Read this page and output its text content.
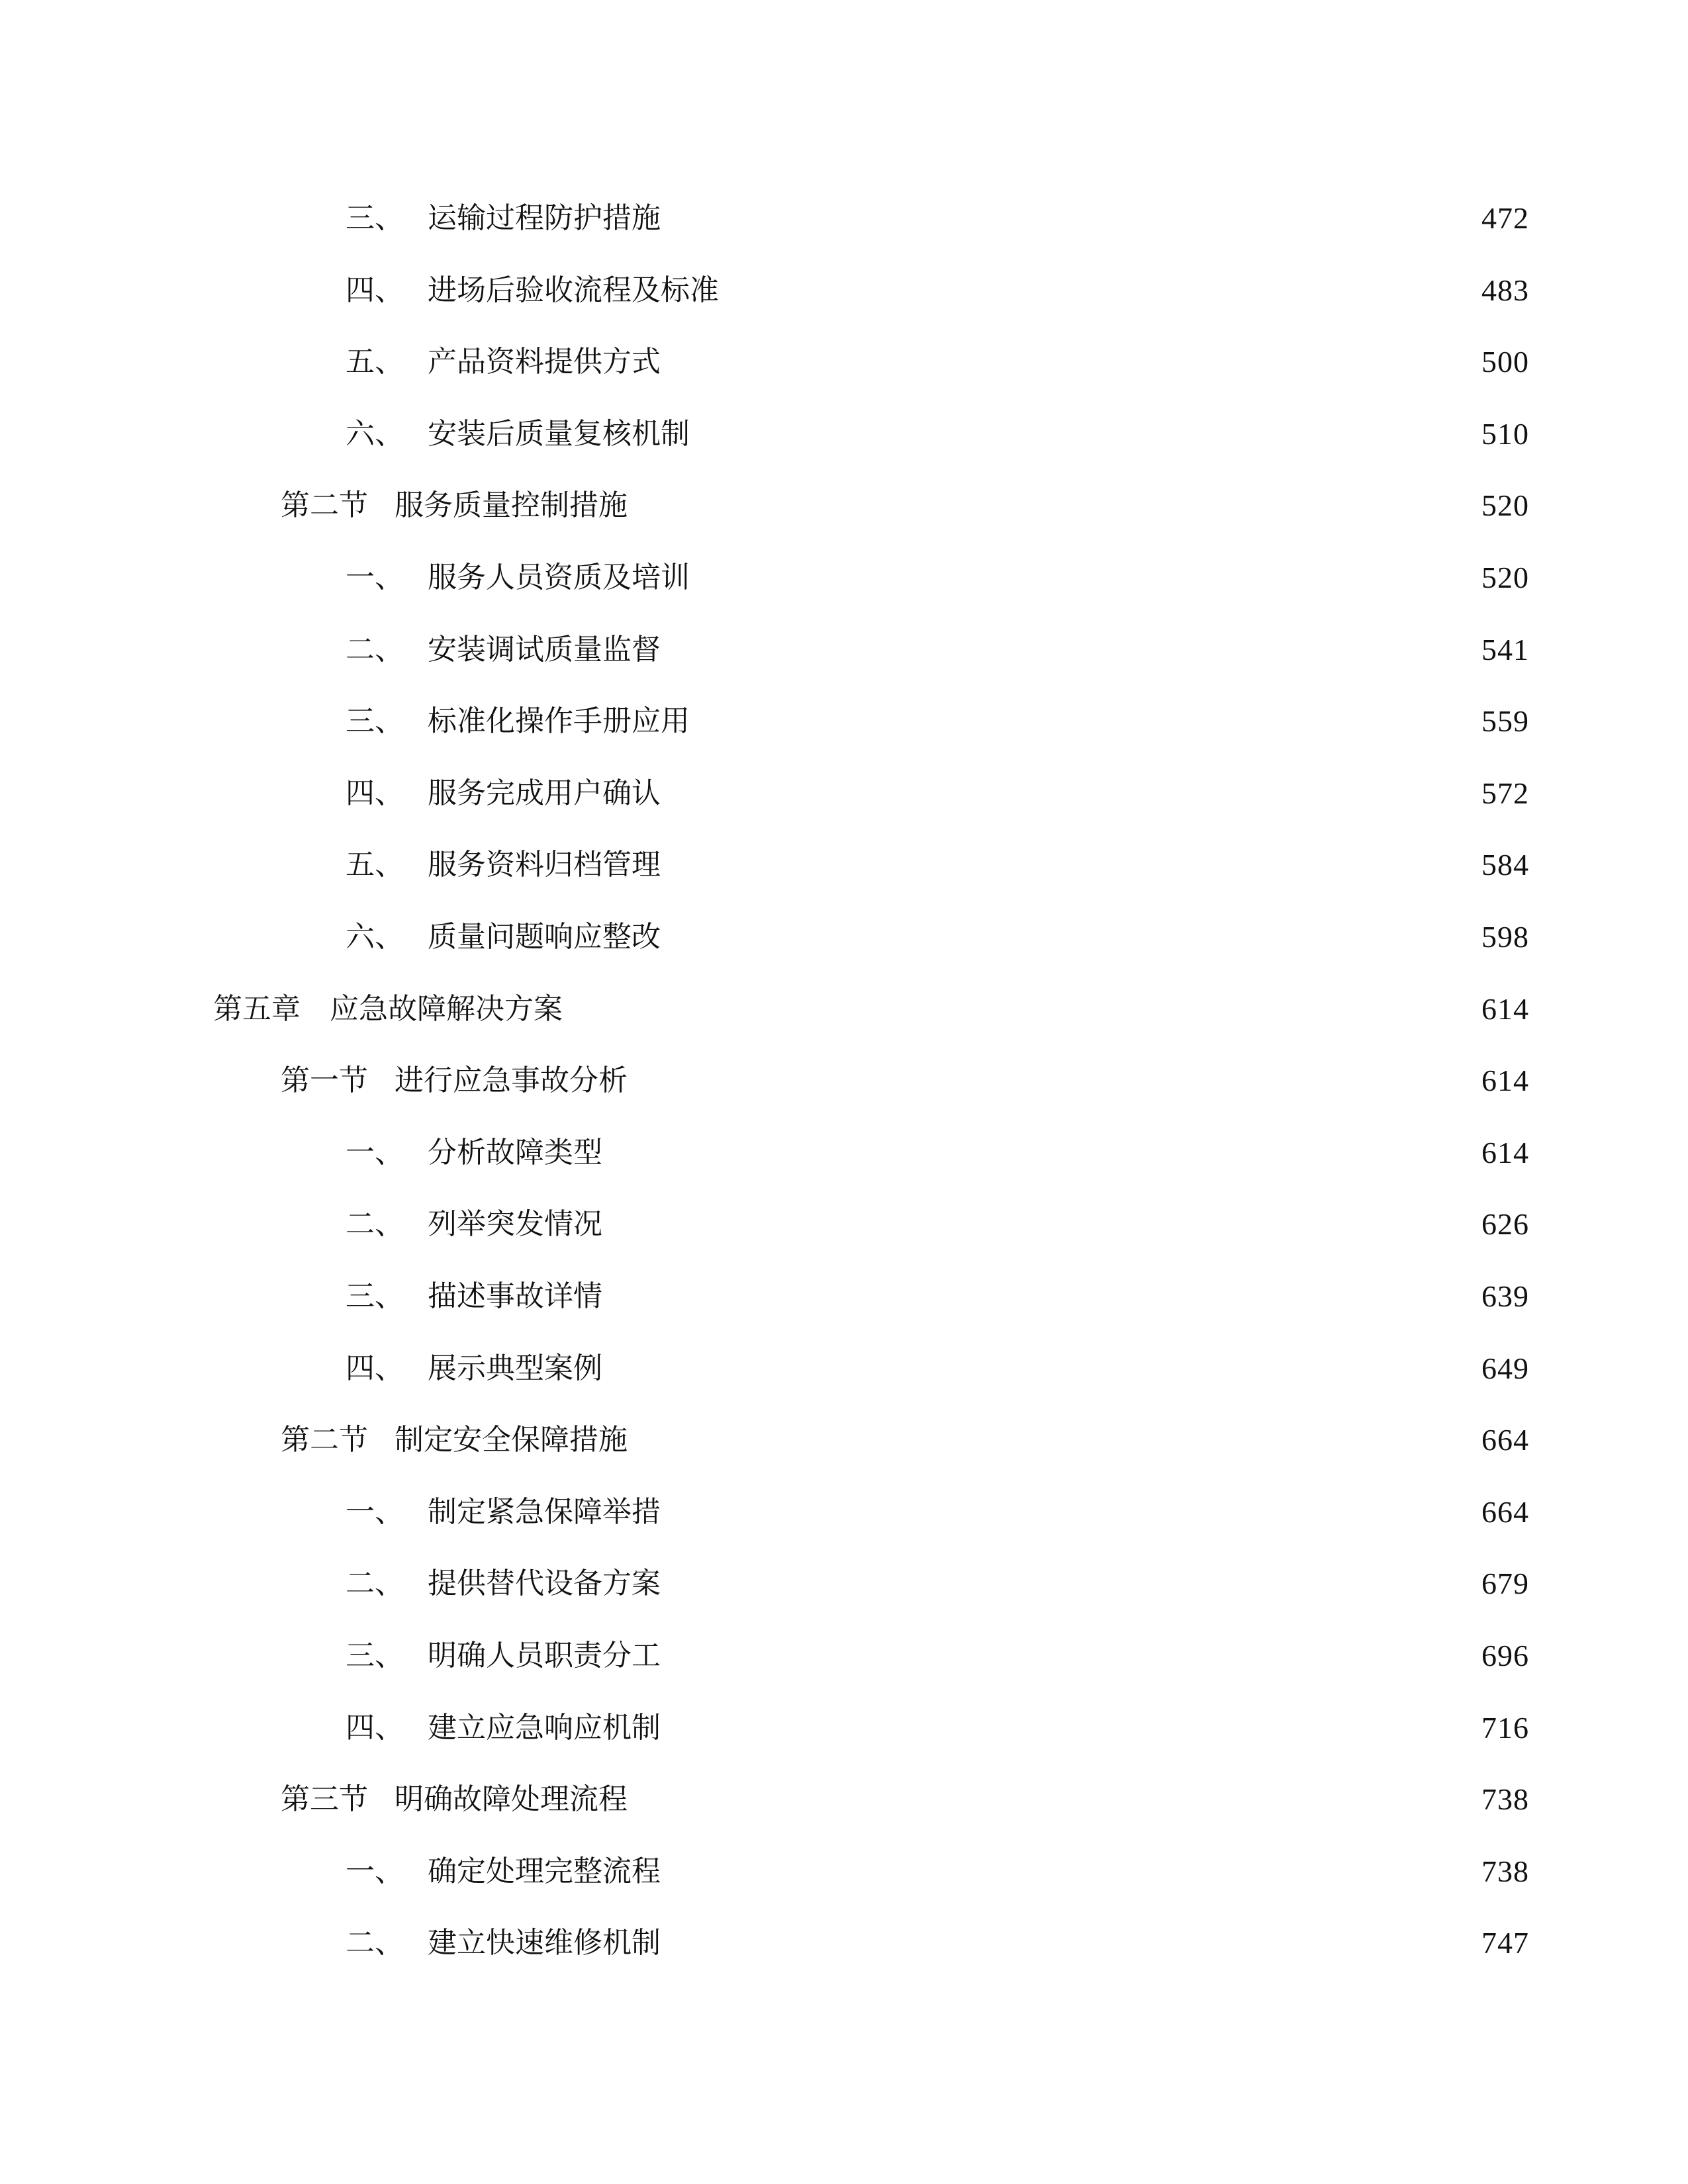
三、 运输过程防护措施	472
四、 进场后验收流程及标准	483
五、 产品资料提供方式	500
六、 安装后质量复核机制	510
第二节 服务质量控制措施	520
一、 服务人员资质及培训	520
二、 安装调试质量监督	541
三、 标准化操作手册应用	559
四、 服务完成用户确认	572
五、 服务资料归档管理	584
六、 质量问题响应整改	598
第五章	应急故障解决方案	614
第一节 进行应急事故分析	614
一、 分析故障类型	614
二、 列举突发情况	626
三、 描述事故详情	639
四、 展示典型案例	649
第二节 制定安全保障措施	664
一、 制定紧急保障举措	664
二、 提供替代设备方案	679
三、 明确人员职责分工	696
四、 建立应急响应机制	716
第三节 明确故障处理流程	738
一、 确定处理完整流程	738
二、 建立快速维修机制	747
